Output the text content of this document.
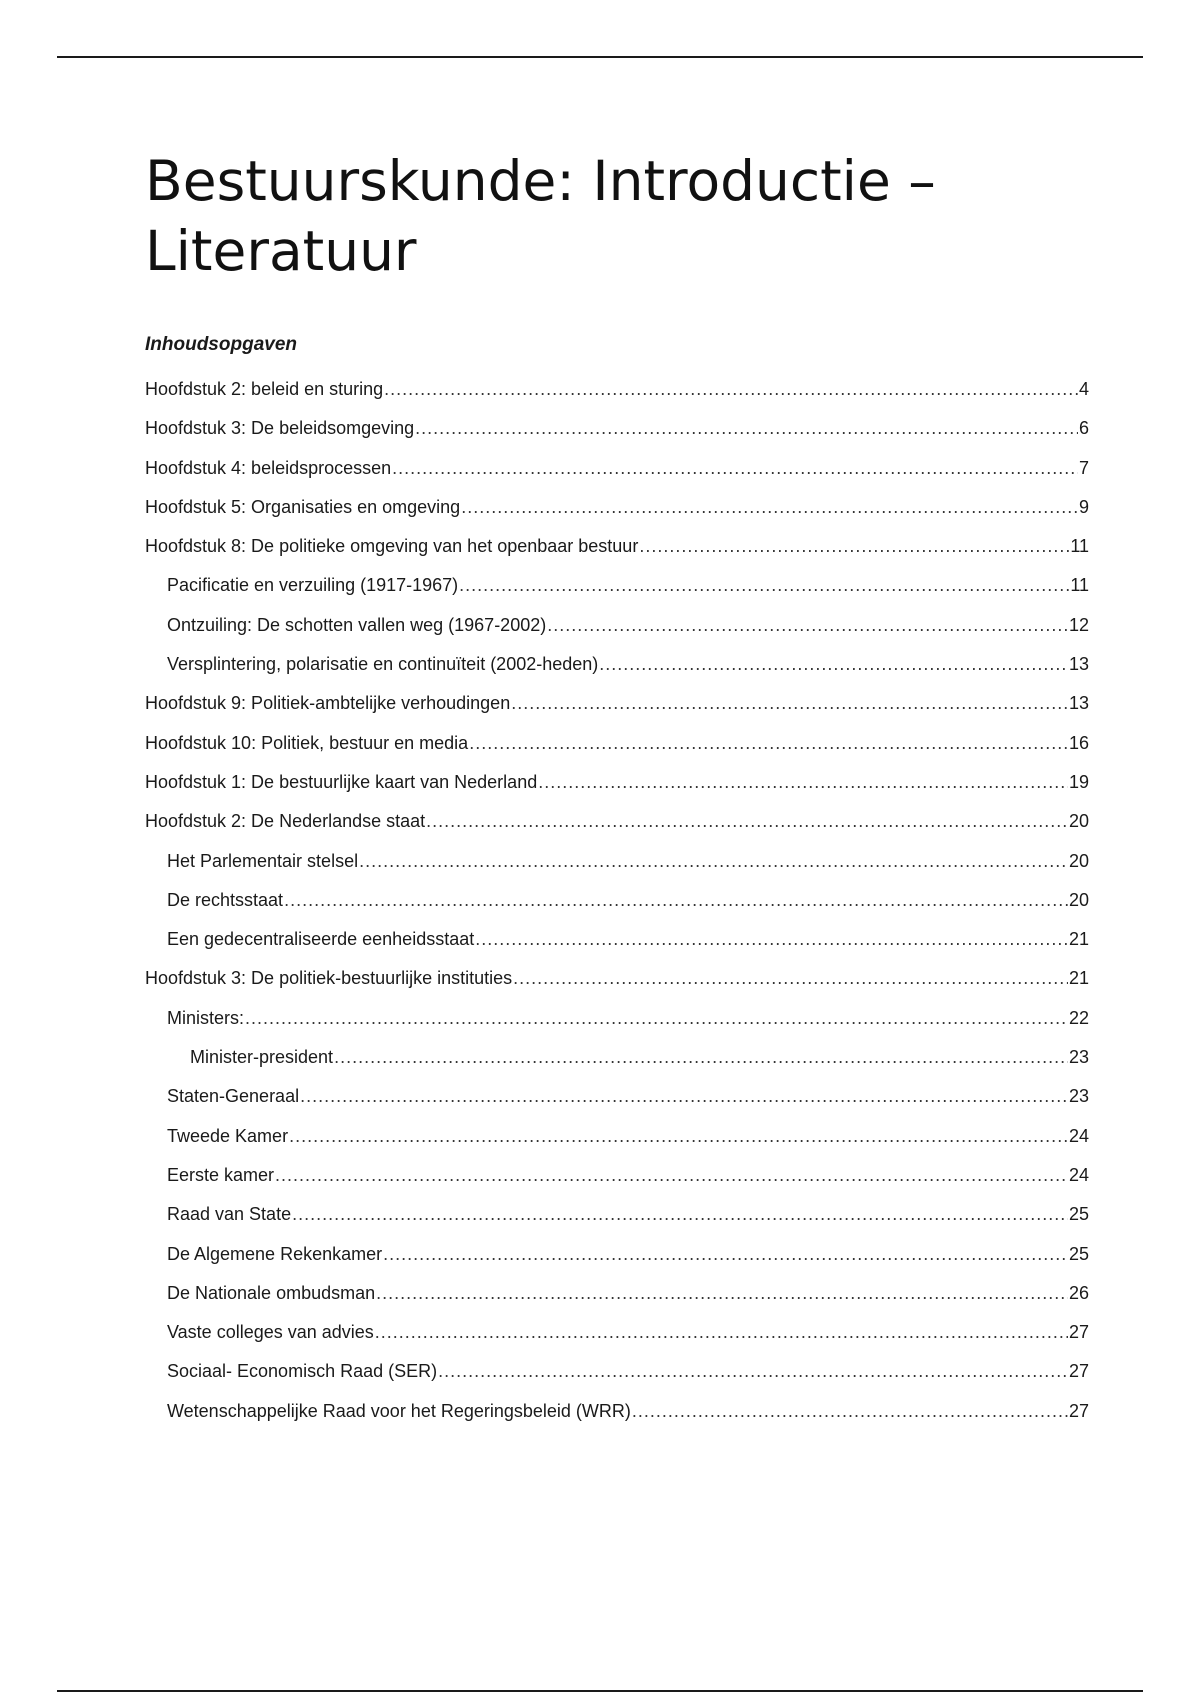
Bestuurskunde: Introductie – Literatuur
Inhoudsopgaven
Hoofdstuk 2: beleid en sturing .....	4
Hoofdstuk 3: De beleidsomgeving .....	6
Hoofdstuk 4: beleidsprocessen .....	7
Hoofdstuk 5: Organisaties en omgeving .....	9
Hoofdstuk 8: De politieke omgeving van het openbaar bestuur .....	11
Pacificatie en verzuiling (1917-1967) .....	11
Ontzuiling: De schotten vallen weg (1967-2002) .....	12
Versplintering, polarisatie en continuïteit (2002-heden) .....	13
Hoofdstuk 9: Politiek-ambtelijke verhoudingen .....	13
Hoofdstuk 10: Politiek, bestuur en media .....	16
Hoofdstuk 1: De bestuurlijke kaart van Nederland .....	19
Hoofdstuk 2: De Nederlandse staat .....	20
Het Parlementair stelsel .....	20
De rechtsstaat .....	20
Een gedecentraliseerde eenheidsstaat .....	21
Hoofdstuk 3: De politiek-bestuurlijke instituties .....	21
Ministers: .....	22
Minister-president .....	23
Staten-Generaal .....	23
Tweede Kamer .....	24
Eerste kamer .....	24
Raad van State .....	25
De Algemene Rekenkamer .....	25
De Nationale ombudsman .....	26
Vaste colleges van advies .....	27
Sociaal- Economisch Raad (SER) .....	27
Wetenschappelijke Raad voor het Regeringsbeleid (WRR) .....	27
